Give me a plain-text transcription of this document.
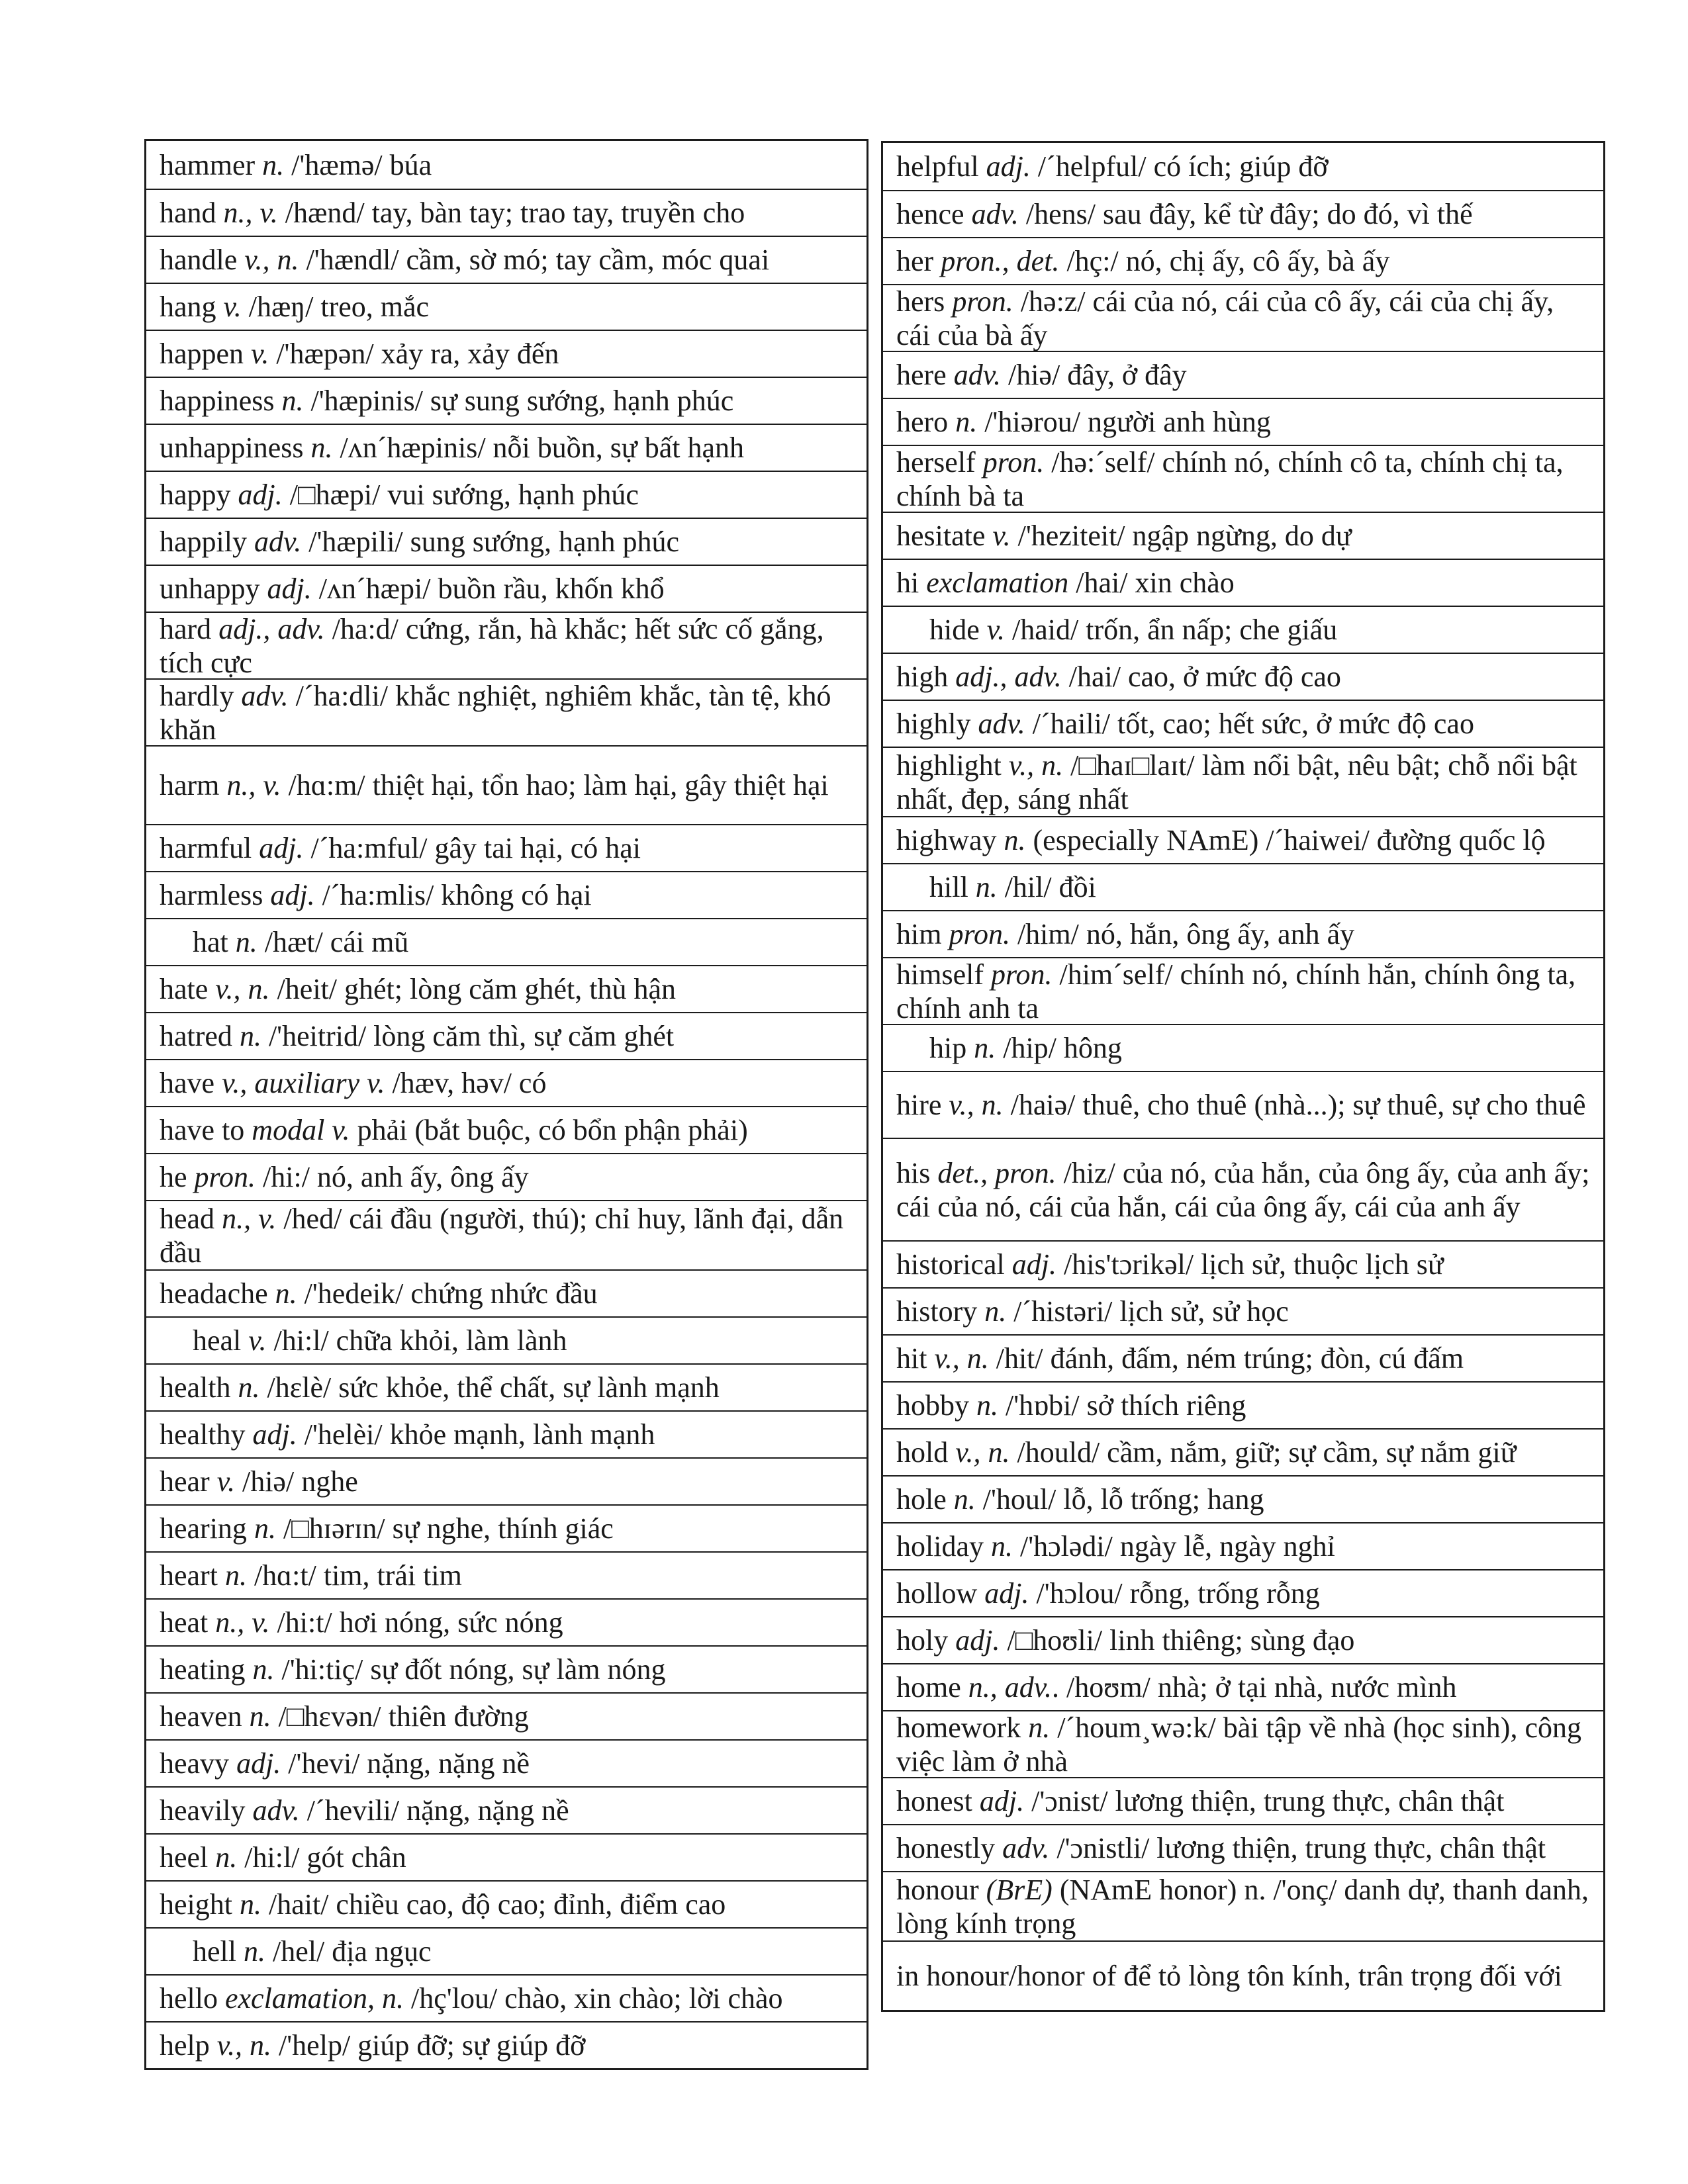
hammer n. /'hæmə/ búa
hand n., v. /hænd/ tay, bàn tay; trao tay, truyền cho
handle v., n. /'hændl/ cầm, sờ mó; tay cầm, móc quai
hang v. /hæŋ/ treo, mắc
happen v. /'hæpən/ xảy ra, xảy đến
happiness n. /'hæpinis/ sự sung sướng, hạnh phúc
unhappiness n. /ʌn´hæpinis/ nỗi buồn, sự bất hạnh
happy adj. /□hæpi/ vui sướng, hạnh phúc
happily adv. /'hæpili/ sung sướng, hạnh phúc
unhappy adj. /ʌn´hæpi/ buồn rầu, khốn khổ
hard adj., adv. /ha:d/ cứng, rắn, hà khắc; hết sức cố gắng, tích cực
hardly adv. /´ha:dli/ khắc nghiệt, nghiêm khắc, tàn tệ, khó khăn
harm n., v. /hɑ:m/ thiệt hại, tổn hao; làm hại, gây thiệt hại
harmful adj. /´ha:mful/ gây tai hại, có hại
harmless adj. /´ha:mlis/ không có hại
hat n. /hæt/ cái mũ
hate v., n. /heit/ ghét; lòng căm ghét, thù hận
hatred n. /'heitrid/ lòng căm thì, sự căm ghét
have v., auxiliary v. /hæv, həv/ có
have to modal v. phải (bắt buộc, có bổn phận phải)
he pron. /hi:/ nó, anh ấy, ông ấy
head n., v. /hed/ cái đầu (người, thú); chỉ huy, lãnh đại, dẫn đầu
headache n. /'hedeik/ chứng nhức đầu
heal v. /hi:l/ chữa khỏi, làm lành
health n. /hɛlè/ sức khỏe, thể chất, sự lành mạnh
healthy adj. /'helèi/ khỏe mạnh, lành mạnh
hear v. /hiə/ nghe
hearing n. /□hɪərɪn/ sự nghe, thính giác
heart n. /hɑ:t/ tim, trái tim
heat n., v. /hi:t/ hơi nóng, sức nóng
heating n. /'hi:tiç/ sự đốt nóng, sự làm nóng
heaven n. /□hɛvən/ thiên đường
heavy adj. /'hevi/ nặng, nặng nề
heavily adv. /´hevili/ nặng, nặng nề
heel n. /hi:l/ gót chân
height n. /hait/ chiều cao, độ cao; đỉnh, điểm cao
hell n. /hel/ địa ngục
hello exclamation, n. /hç'lou/ chào, xin chào; lời chào
help v., n. /'help/ giúp đỡ; sự giúp đỡ
helpful adj. /´helpful/ có ích; giúp đỡ
hence adv. /hens/ sau đây, kể từ đây; do đó, vì thế
her pron., det. /hç:/ nó, chị ấy, cô ấy, bà ấy
hers pron. /hə:z/ cái của nó, cái của cô ấy, cái của chị ấy, cái của bà ấy
here adv. /hiə/ đây, ở đây
hero n. /'hiərou/ người anh hùng
herself pron. /hə:´self/ chính nó, chính cô ta, chính chị ta, chính bà ta
hesitate v. /'heziteit/ ngập ngừng, do dự
hi exclamation /hai/ xin chào
hide v. /haid/ trốn, ẩn nấp; che giấu
high adj., adv. /hai/ cao, ở mức độ cao
highly adv. /´haili/ tốt, cao; hết sức, ở mức độ cao
highlight v., n. /□haɪ□laɪt/ làm nổi bật, nêu bật; chỗ nổi bật nhất, đẹp, sáng nhất
highway n. (especially NAmE) /´haiwei/ đường quốc lộ
hill n. /hil/ đồi
him pron. /him/ nó, hắn, ông ấy, anh ấy
himself pron. /him´self/ chính nó, chính hắn, chính ông ta, chính anh ta
hip n. /hip/ hông
hire v., n. /haiə/ thuê, cho thuê (nhà...); sự thuê, sự cho thuê
his det., pron. /hiz/ của nó, của hắn, của ông ấy, của anh ấy; cái của nó, cái của hắn, cái của ông ấy, cái của anh ấy
historical adj. /his'tɔrikəl/ lịch sử, thuộc lịch sử
history n. /´histəri/ lịch sử, sử học
hit v., n. /hit/ đánh, đấm, ném trúng; đòn, cú đấm
hobby n. /'hɒbi/ sở thích riêng
hold v., n. /hould/ cầm, nắm, giữ; sự cầm, sự nắm giữ
hole n. /'houl/ lỗ, lỗ trống; hang
holiday n. /'hɔlədi/ ngày lễ, ngày nghỉ
hollow adj. /'hɔlou/ rỗng, trống rỗng
holy adj. /□hoʊli/ linh thiêng; sùng đạo
home n., adv.. /hoʊm/ nhà; ở tại nhà, nước mình
homework n. /´houm¸wə:k/ bài tập về nhà (học sinh), công việc làm ở nhà
honest adj. /'ɔnist/ lương thiện, trung thực, chân thật
honestly adv. /'ɔnistli/ lương thiện, trung thực, chân thật
honour (BrE) (NAmE honor) n. /'onç/ danh dự, thanh danh, lòng kính trọng
in honour/honor of để tỏ lòng tôn kính, trân trọng đối với
